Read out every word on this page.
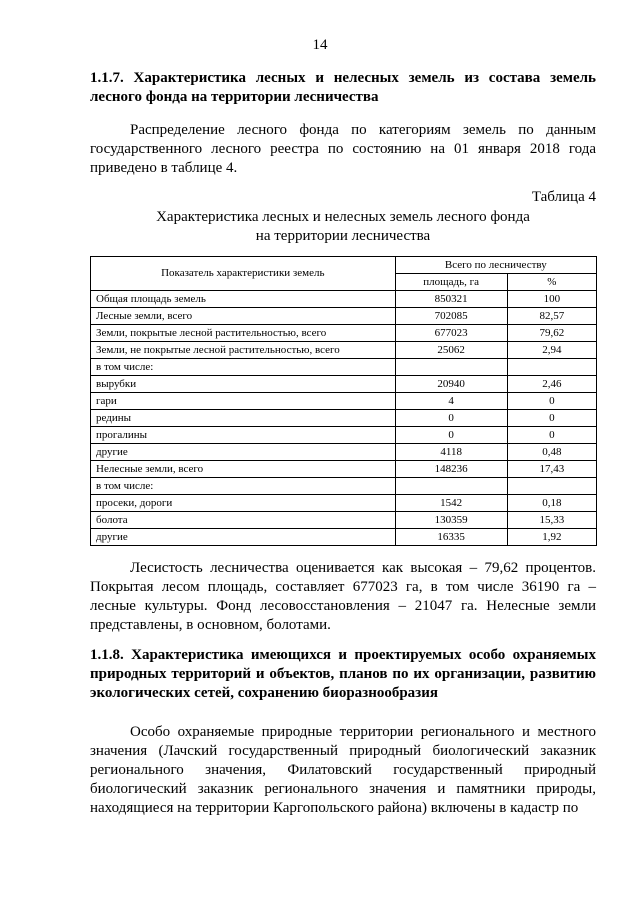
14
1.1.7. Характеристика лесных и нелесных земель из состава земель лесного фонда на территории лесничества
Распределение лесного фонда по категориям земель по данным государственного лесного реестра по состоянию на 01 января 2018 года приведено в таблице 4.
Таблица 4
Характеристика лесных и нелесных земель лесного фонда
на территории лесничества
Показатель характеристики земель	Всего по лесничеству	
	площадь, га	%
Общая площадь земель	850321	100
Лесные земли, всего	702085	82,57
Земли, покрытые лесной растительностью, всего	677023	79,62
Земли, не покрытые лесной растительностью, всего	25062	2,94
в том числе:		
вырубки	20940	2,46
гари	4	0
редины	0	0
прогалины	0	0
другие	4118	0,48
Нелесные земли, всего	148236	17,43
в том числе:		
просеки, дороги	1542	0,18
болота	130359	15,33
другие	16335	1,92
Лесистость лесничества оценивается как высокая – 79,62 процентов. Покрытая лесом площадь, составляет 677023 га, в том числе 36190 га – лесные культуры. Фонд лесовосстановления – 21047 га. Нелесные земли представлены, в основном, болотами.
1.1.8. Характеристика имеющихся и проектируемых особо охраняемых природных территорий и объектов, планов по их организации, развитию экологических сетей, сохранению биоразнообразия
Особо охраняемые природные территории регионального и местного значения (Лачский государственный природный биологический заказник регионального значения, Филатовский государственный природный биологический заказник регионального значения и памятники природы, находящиеся на территории Каргопольского района) включены в кадастр по
